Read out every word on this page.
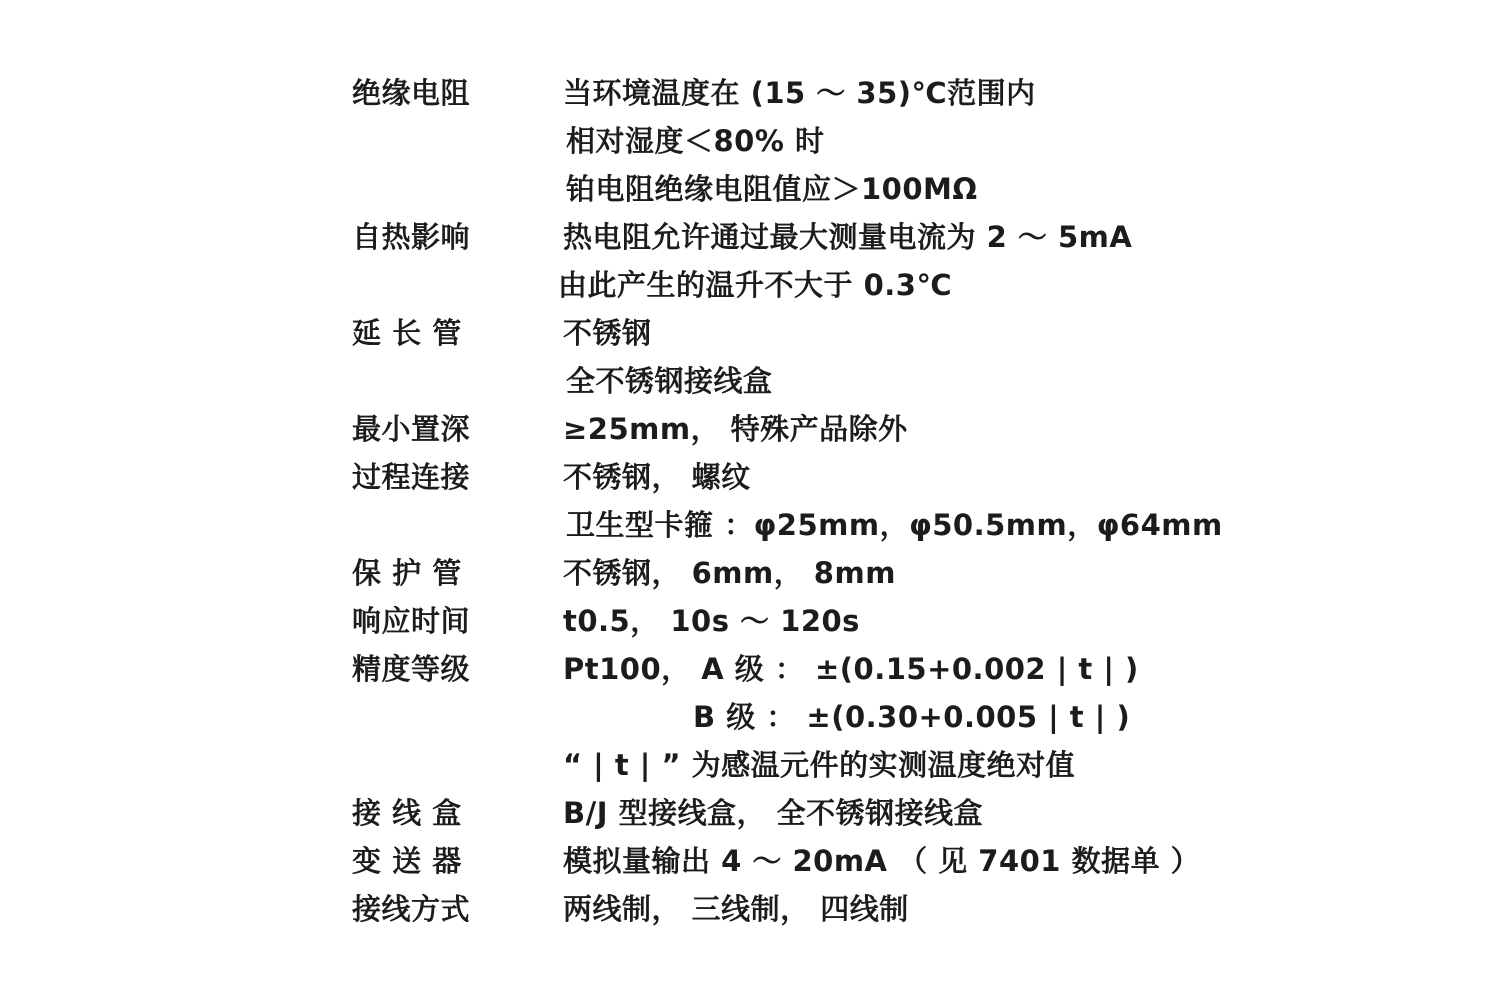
绝缘电阻	当环境温度在 (15 ～ 35)℃范围内
相对湿度＜80% 时
铂电阻绝缘电阻值应＞100MΩ
自热影响	热电阻允许通过最大测量电流为 2 ～ 5mA
由此产生的温升不大于 0.3℃
延 长 管	不锈钢
全不锈钢接线盒
最小置深	≥25mm， 特殊产品除外
过程连接	不锈钢， 螺纹
卫生型卡箍 ：φ25mm，φ50.5mm，φ64mm
保 护 管	不锈钢， 6mm， 8mm
响应时间	t0.5， 10s ～ 120s
精度等级	Pt100， A 级 ： ±(0.15+0.002 | t | )
B 级 ： ±(0.30+0.005 | t | )
“ | t | ” 为感温元件的实测温度绝对值
接 线 盒	B/J 型接线盒， 全不锈钢接线盒
变 送 器	模拟量输出 4 ～ 20mA （ 见 7401 数据单 ）
接线方式	两线制， 三线制， 四线制
